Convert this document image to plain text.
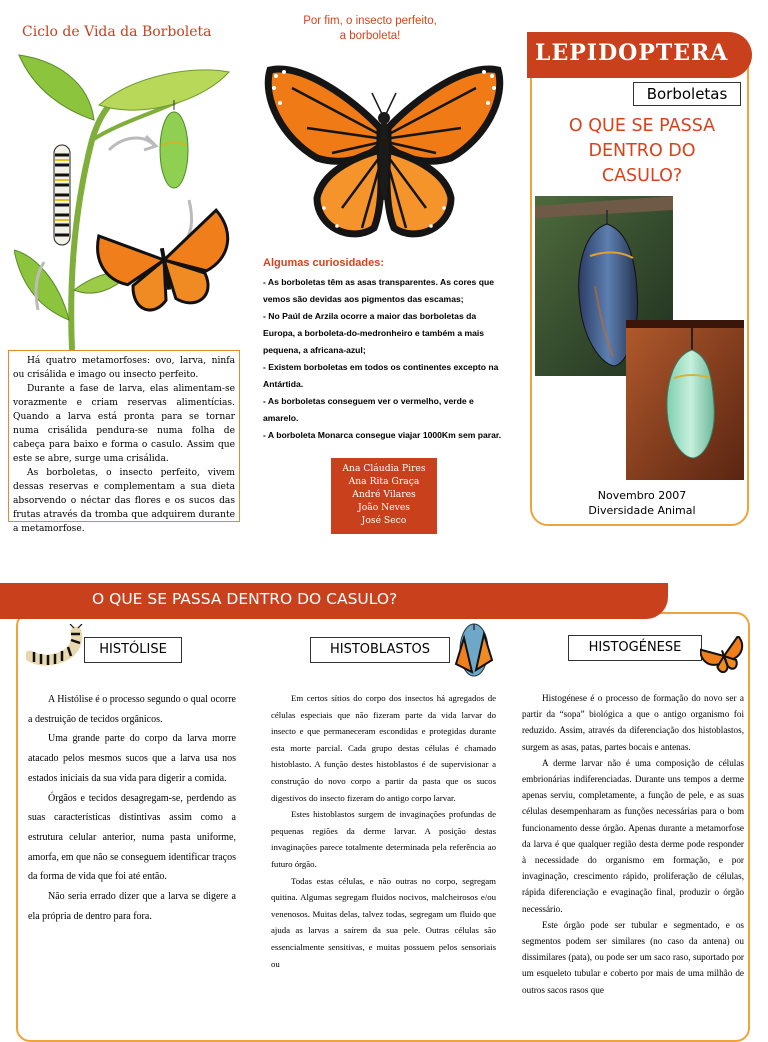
Ciclo de Vida da Borboleta

Há quatro metamorfoses: ovo, larva, ninfa ou crisálida e imago ou insecto perfeito.

Durante a fase de larva, elas alimentam-se vorazmente e criam reservas alimentícias. Quando a larva está pronta para se tornar numa crisálida pendura-se numa folha de cabeça para baixo e forma o casulo. Assim que este se abre, surge uma crisálida.

As borboletas, o insecto perfeito, vivem dessas reservas e complementam a sua dieta absorvendo o néctar das flores e os sucos das frutas através da tromba que adquirem durante a metamorfose.

Por fim, o insecto perfeito,
a borboleta!
Algumas curiosidades:
- As borboletas têm as asas transparentes. As cores que vemos são devidas aos pigmentos das escamas;
- No Paúl de Arzila ocorre a maior das borboletas da Europa, a borboleta-do-medronheiro e também a mais pequena, a africana-azul;
- Existem borboletas em todos os continentes excepto na Antártida.
- As borboletas conseguem ver o vermelho, verde e amarelo.
- A borboleta Monarca consegue viajar 1000Km sem parar.
Ana Cláudia Pires
Ana Rita Graça
André Vilares
João Neves
José Seco
LEPIDOPTERA
Borboletas
O QUE SE PASSA
DENTRO DO
CASULO?
Novembro 2007
Diversidade Animal
O QUE SE PASSA DENTRO DO CASULO?
HISTÓLISE	HISTOBLASTOS	HISTOGÉNESE

A Histólise é o processo segundo o qual ocorre a destruição de tecidos orgânicos.

Uma grande parte do corpo da larva morre atacado pelos mesmos sucos que a larva usa nos estados iniciais da sua vida para digerir a comida.

Órgãos e tecidos desagregam-se, perdendo as suas características distintivas assim como a estrutura celular anterior, numa pasta uniforme, amorfa, em que não se conseguem identificar traços da forma de vida que foi até então.

Não seria errado dizer que a larva se digere a ela própria de dentro para fora.

Em certos sítios do corpo dos insectos há agregados de células especiais que não fizeram parte da vida larvar do insecto e que permaneceram escondidas e protegidas durante esta morte parcial. Cada grupo destas células é chamado histoblasto. A função destes histoblastos é de supervisionar a construção do novo corpo a partir da pasta que os sucos digestivos do insecto fizeram do antigo corpo larvar.

Estes histoblastos surgem de invaginações profundas de pequenas regiões da derme larvar. A posição destas invaginações parece totalmente determinada pela referência ao futuro órgão.

Todas estas células, e não outras no corpo, segregam quitina. Algumas segregam fluidos nocivos, malcheirosos e/ou venenosos. Muitas delas, talvez todas, segregam um fluido que ajuda as larvas a saírem da sua pele. Outras células são essencialmente sensitivas, e muitas possuem pelos sensoriais ou

Histogénese é o processo de formação do novo ser a partir da “sopa” biológica a que o antigo organismo foi reduzido. Assim, através da diferenciação dos histoblastos, surgem as asas, patas, partes bocais e antenas.

A derme larvar não é uma composição de células embrionárias indiferenciadas. Durante uns tempos a derme apenas serviu, completamente, a função de pele, e as suas células desempenharam as funções necessárias para o bom funcionamento desse órgão. Apenas durante a metamorfose da larva é que qualquer região desta derme pode responder à necessidade do organismo em formação, e por invaginação, crescimento rápido, proliferação de células, rápida diferenciação e evaginação final, produzir o órgão necessário.

Este órgão pode ser tubular e segmentado, e os segmentos podem ser similares (no caso da antena) ou dissimilares (pata), ou pode ser um saco raso, suportado por um esqueleto tubular e coberto por mais de uma milhão de outros sacos rasos que
